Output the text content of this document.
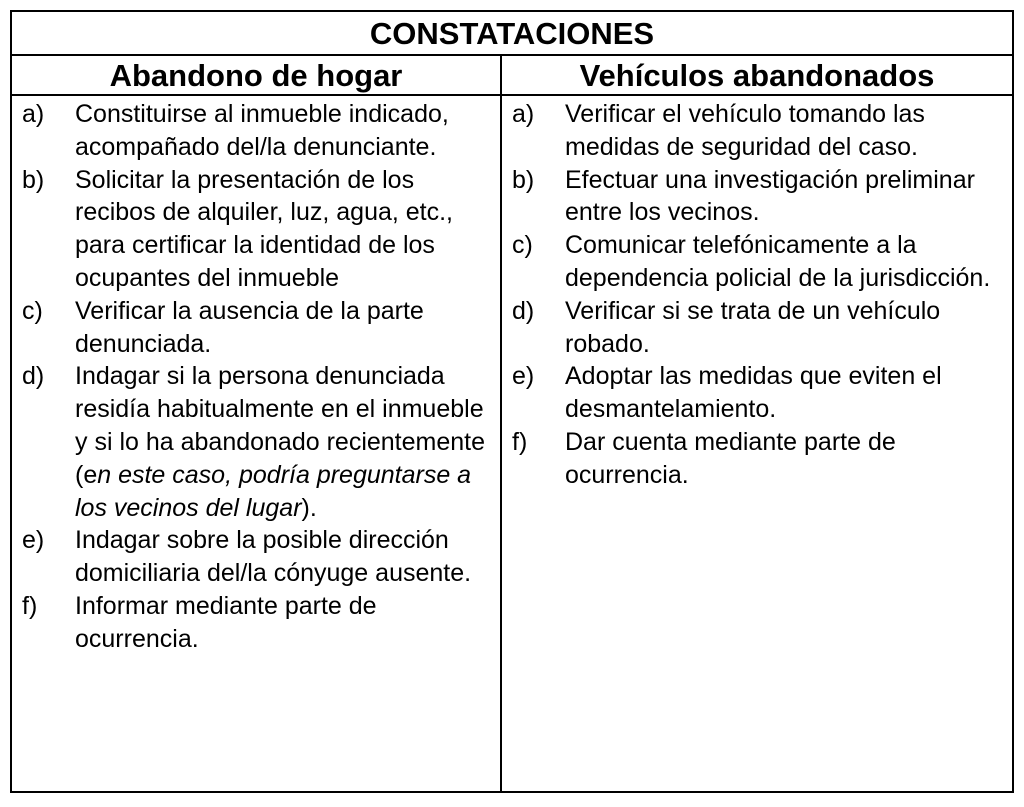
CONSTATACIONES
Abandono de hogar	Vehículos abandonados
a)	Constituirse al inmueble indicado, acompañado del/la denunciante.
b)	Solicitar la presentación de los recibos de alquiler, luz, agua, etc., para certificar la identidad de los ocupantes del inmueble
c)	Verificar la ausencia de la parte denunciada.
d)	Indagar si la persona denunciada residía habitualmente en el inmueble y si lo ha abandonado recientemente (en este caso, podría preguntarse a los vecinos del lugar).
e)	Indagar sobre la posible dirección domiciliaria del/la cónyuge ausente.
f)	Informar mediante parte de ocurrencia.
a)	Verificar el vehículo tomando las medidas de seguridad del caso.
b)	Efectuar una investigación preliminar entre los vecinos.
c)	Comunicar telefónicamente a la dependencia policial de la jurisdicción.
d)	Verificar si se trata de un vehículo robado.
e)	Adoptar las medidas que eviten el desmantelamiento.
f)	Dar cuenta mediante parte de ocurrencia.
